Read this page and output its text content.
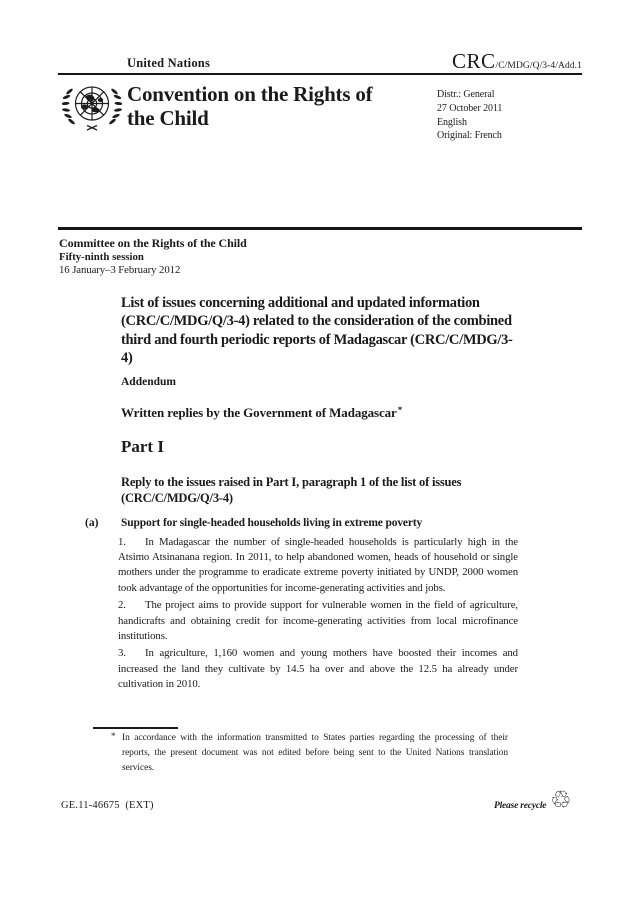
United Nations	CRC/C/MDG/Q/3-4/Add.1
Convention on the Rights of the Child
Distr.: General
27 October 2011
English
Original: French
Committee on the Rights of the Child
Fifty-ninth session
16 January–3 February 2012
List of issues concerning additional and updated information (CRC/C/MDG/Q/3-4) related to the consideration of the combined third and fourth periodic reports of Madagascar (CRC/C/MDG/3-4)
Addendum
Written replies by the Government of Madagascar*
Part I
Reply to the issues raised in Part I, paragraph 1 of the list of issues (CRC/C/MDG/Q/3-4)
(a) Support for single-headed households living in extreme poverty

1. In Madagascar the number of single-headed households is particularly high in the Atsimo Atsinanana region. In 2011, to help abandoned women, heads of household or single mothers under the programme to eradicate extreme poverty initiated by UNDP, 2000 women took advantage of the opportunities for income-generating activities and jobs.

2. The project aims to provide support for vulnerable women in the field of agriculture, handicrafts and obtaining credit for income-generating activities from local microfinance institutions.

3. In agriculture, 1,160 women and young mothers have boosted their incomes and increased the land they cultivate by 14.5 ha over and above the 12.5 ha already under cultivation in 2010.

* In accordance with the information transmitted to States parties regarding the processing of their reports, the present document was not edited before being sent to the United Nations translation services.
GE.11-46675  (EXT)	Please recycle ♲
